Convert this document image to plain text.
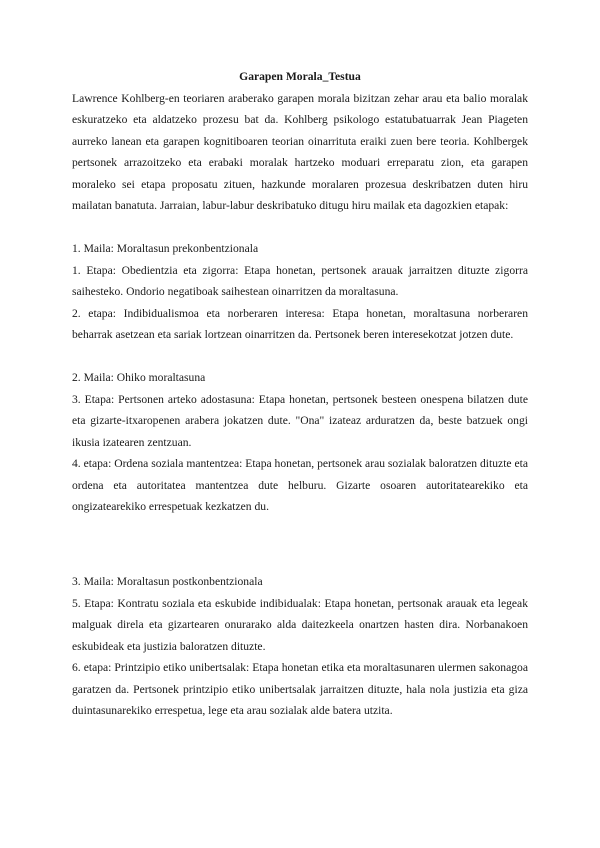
Garapen Morala_Testua

Lawrence Kohlberg-en teoriaren araberako garapen morala bizitzan zehar arau eta balio moralak eskuratzeko eta aldatzeko prozesu bat da. Kohlberg psikologo estatubatuarrak Jean Piageten aurreko lanean eta garapen kognitiboaren teorian oinarrituta eraiki zuen bere teoria. Kohlbergek pertsonek arrazoitzeko eta erabaki moralak hartzeko moduari erreparatu zion, eta garapen moraleko sei etapa proposatu zituen, hazkunde moralaren prozesua deskribatzen duten hiru mailatan banatuta. Jarraian, labur-labur deskribatuko ditugu hiru mailak eta dagozkien etapak:

1. Maila: Moraltasun prekonbentzionala

1. Etapa: Obedientzia eta zigorra: Etapa honetan, pertsonek arauak jarraitzen dituzte zigorra saihesteko. Ondorio negatiboak saihestean oinarritzen da moraltasuna.

2. etapa: Indibidualismoa eta norberaren interesa: Etapa honetan, moraltasuna norberaren beharrak asetzean eta sariak lortzean oinarritzen da. Pertsonek beren interesekotzat jotzen dute.

2. Maila: Ohiko moraltasuna

3. Etapa: Pertsonen arteko adostasuna: Etapa honetan, pertsonek besteen onespena bilatzen dute eta gizarte-itxaropenen arabera jokatzen dute. "Ona" izateaz arduratzen da, beste batzuek ongi ikusia izatearen zentzuan.

4. etapa: Ordena soziala mantentzea: Etapa honetan, pertsonek arau sozialak baloratzen dituzte eta ordena eta autoritatea mantentzea dute helburu. Gizarte osoaren autoritatearekiko eta ongizatearekiko errespetuak kezkatzen du.

3. Maila: Moraltasun postkonbentzionala

5. Etapa: Kontratu soziala eta eskubide indibidualak: Etapa honetan, pertsonak arauak eta legeak malguak direla eta gizartearen onurarako alda daitezkeela onartzen hasten dira. Norbanakoen eskubideak eta justizia baloratzen dituzte.

6. etapa: Printzipio etiko unibertsalak: Etapa honetan etika eta moraltasunaren ulermen sakonagoa garatzen da. Pertsonek printzipio etiko unibertsalak jarraitzen dituzte, hala nola justizia eta giza duintasunarekiko errespetua, lege eta arau sozialak alde batera utzita.
